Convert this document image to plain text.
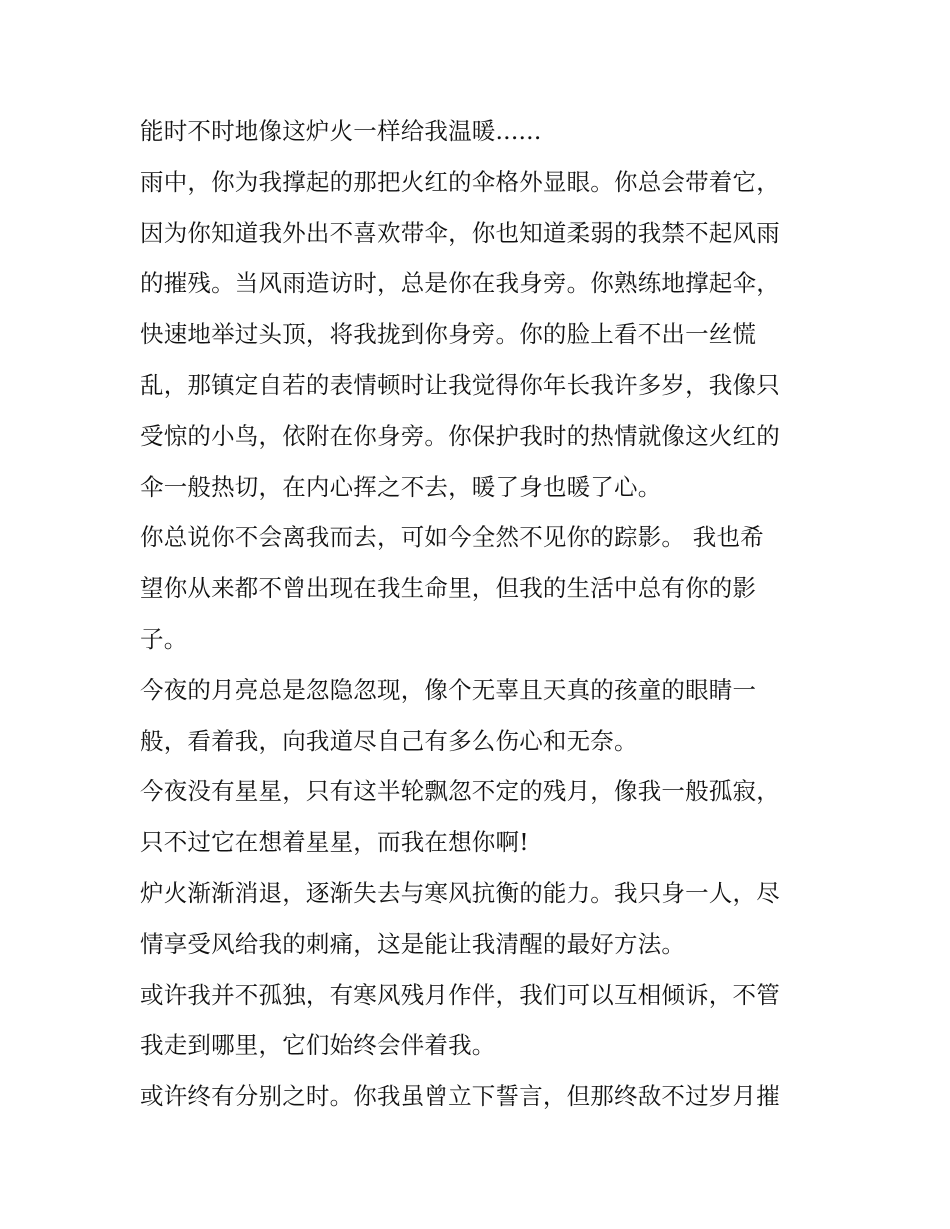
能时不时地像这炉火一样给我温暖......
雨中，你为我撑起的那把火红的伞格外显眼。你总会带着它，
因为你知道我外出不喜欢带伞，你也知道柔弱的我禁不起风雨
的摧残。当风雨造访时，总是你在我身旁。你熟练地撑起伞，
快速地举过头顶，将我拢到你身旁。你的脸上看不出一丝慌
乱，那镇定自若的表情顿时让我觉得你年长我许多岁，我像只
受惊的小鸟，依附在你身旁。你保护我时的热情就像这火红的
伞一般热切，在内心挥之不去，暖了身也暖了心。
你总说你不会离我而去，可如今全然不见你的踪影。 我也希
望你从来都不曾出现在我生命里，但我的生活中总有你的影
子。
今夜的月亮总是忽隐忽现，像个无辜且天真的孩童的眼睛一
般，看着我，向我道尽自己有多么伤心和无奈。
今夜没有星星，只有这半轮飘忽不定的残月，像我一般孤寂，
只不过它在想着星星，而我在想你啊!
炉火渐渐消退，逐渐失去与寒风抗衡的能力。我只身一人，尽
情享受风给我的刺痛，这是能让我清醒的最好方法。
或许我并不孤独，有寒风残月作伴，我们可以互相倾诉，不管
我走到哪里，它们始终会伴着我。
或许终有分别之时。你我虽曾立下誓言，但那终敌不过岁月摧
